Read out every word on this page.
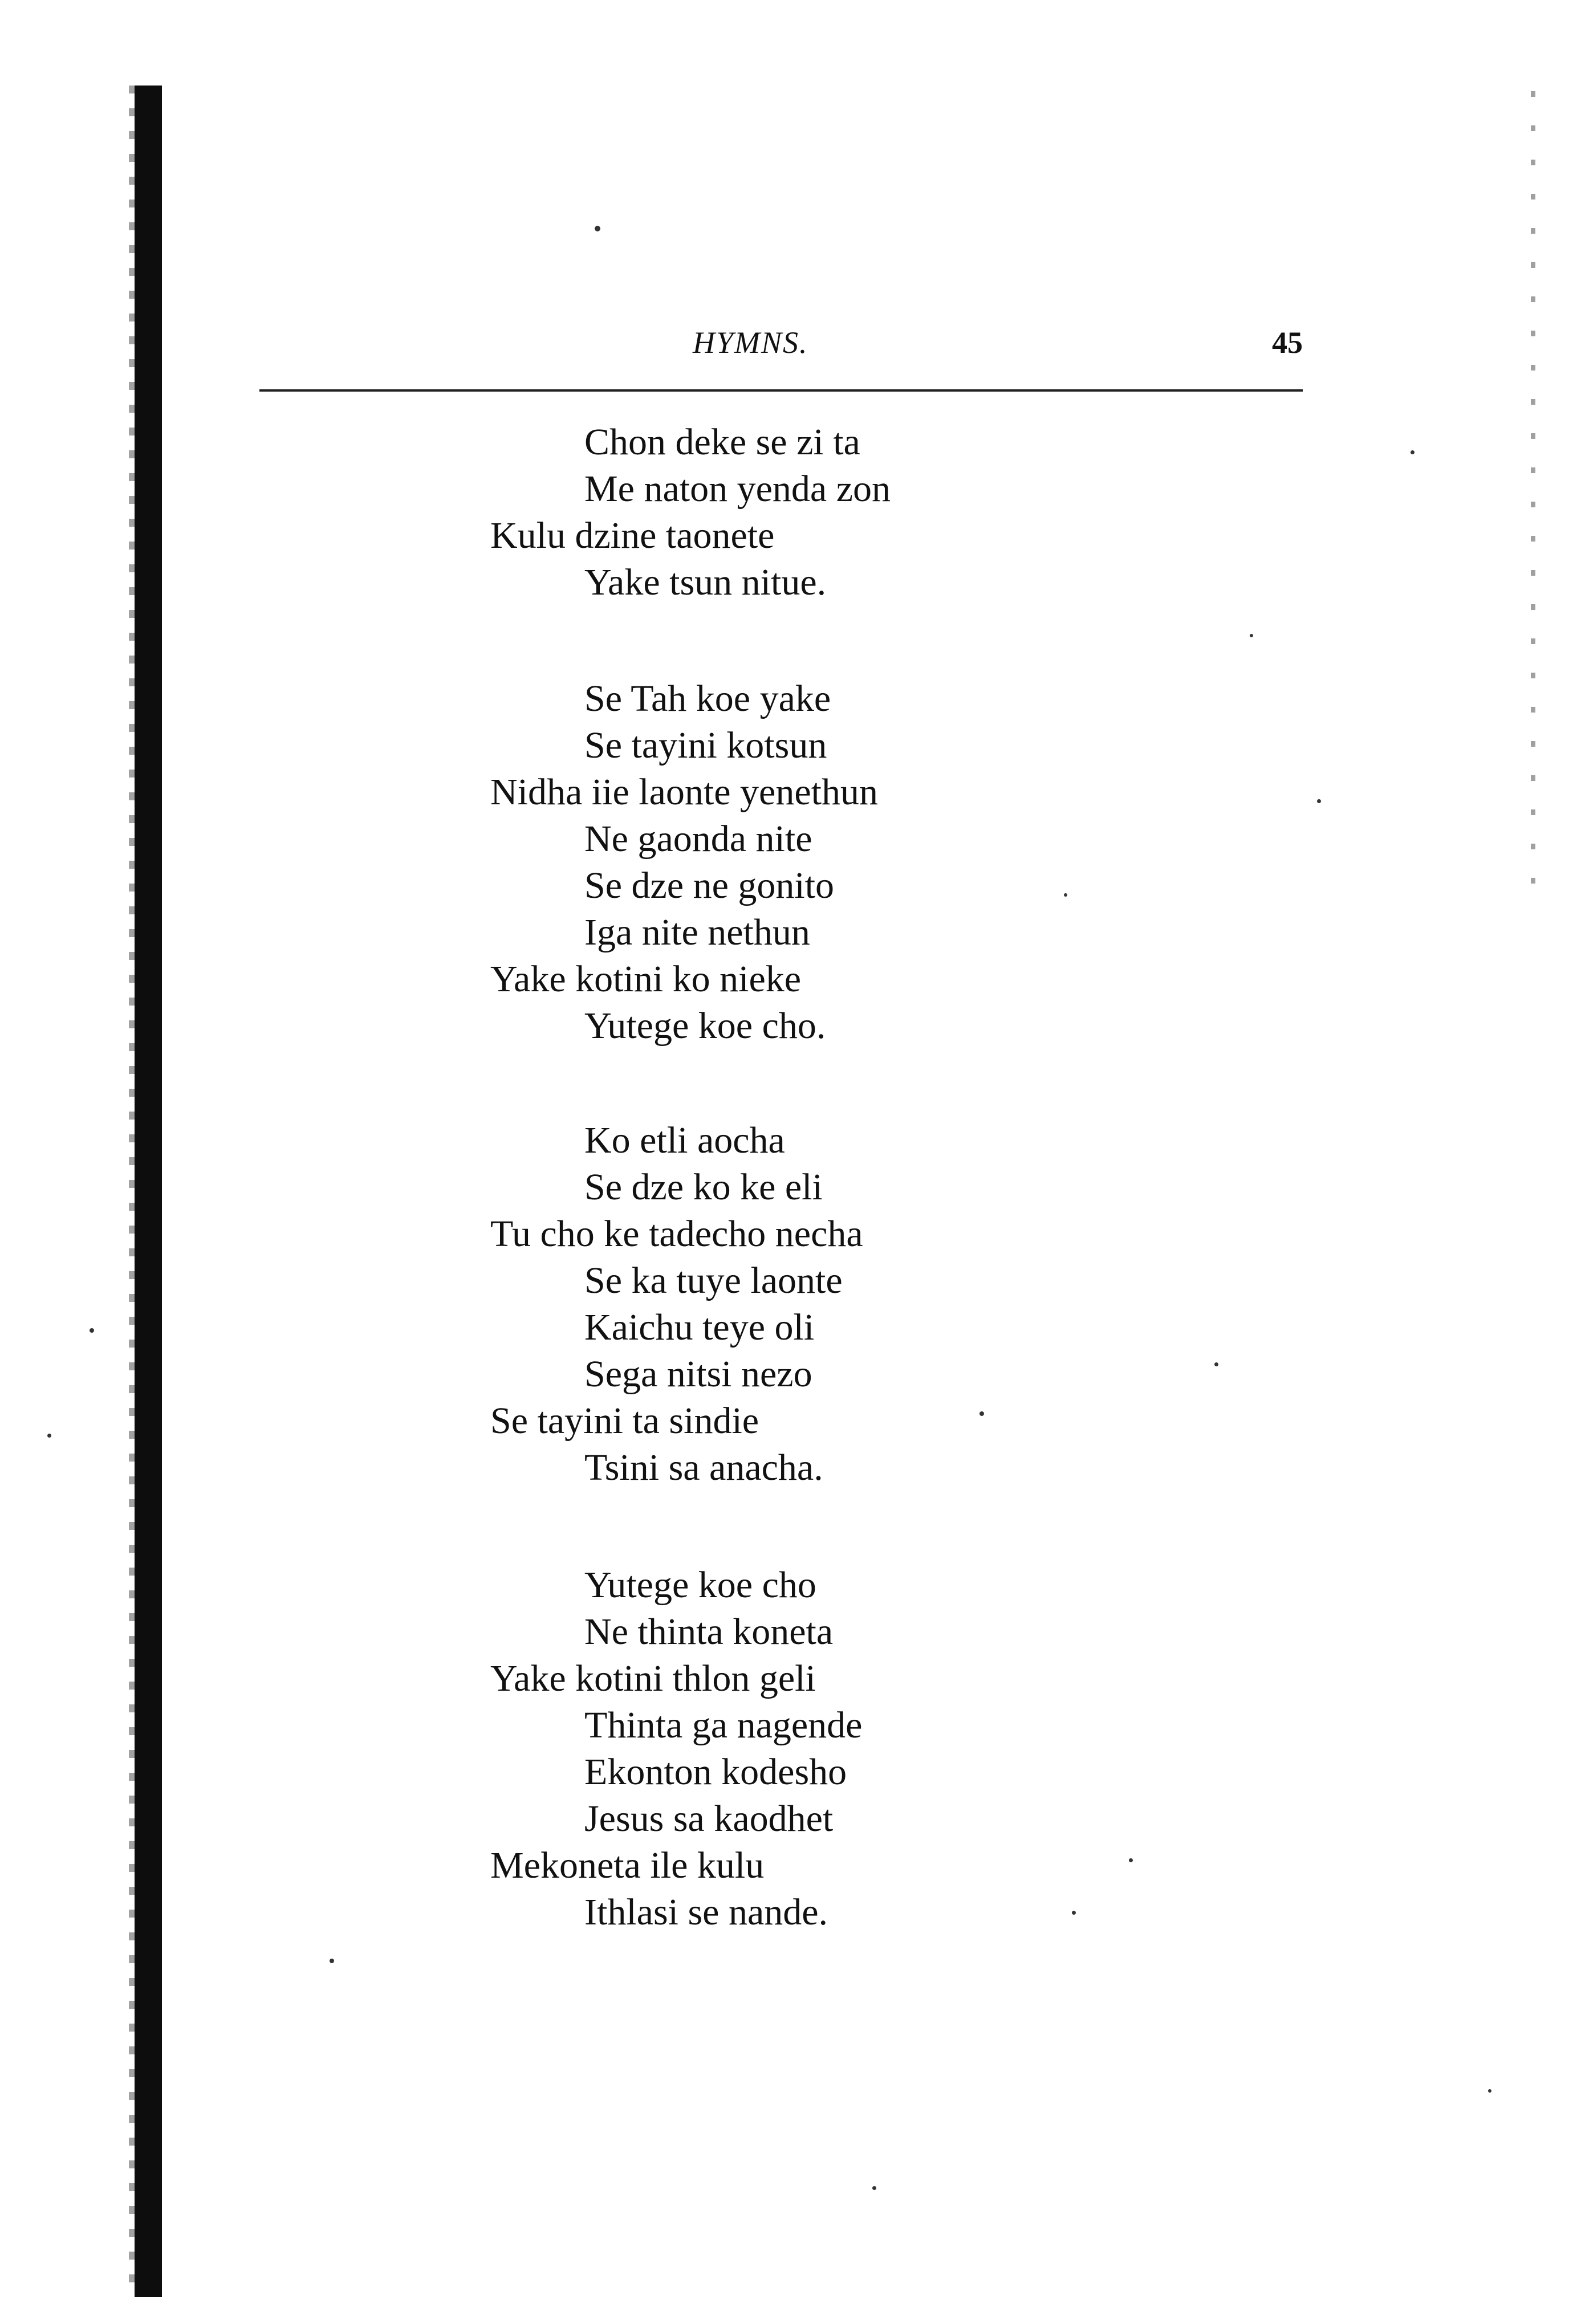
HYMNS.	45
Chon deke se zi ta
Me naton yenda zon
Kulu dzine taonete
Yake tsun nitue.
Se Tah koe yake
Se tayini kotsun
Nidha iie laonte yenethun
Ne gaonda nite
Se dze ne gonito
Iga nite nethun
Yake kotini ko nieke
Yutege koe cho.
Ko etli aocha
Se dze ko ke eli
Tu cho ke tadecho necha
Se ka tuye laonte
Kaichu teye oli
Sega nitsi nezo
Se tayini ta sindie
Tsini sa anacha.
Yutege koe cho
Ne thinta koneta
Yake kotini thlon geli
Thinta ga nagende
Ekonton kodesho
Jesus sa kaodhet
Mekoneta ile kulu
Ithlasi se nande.
